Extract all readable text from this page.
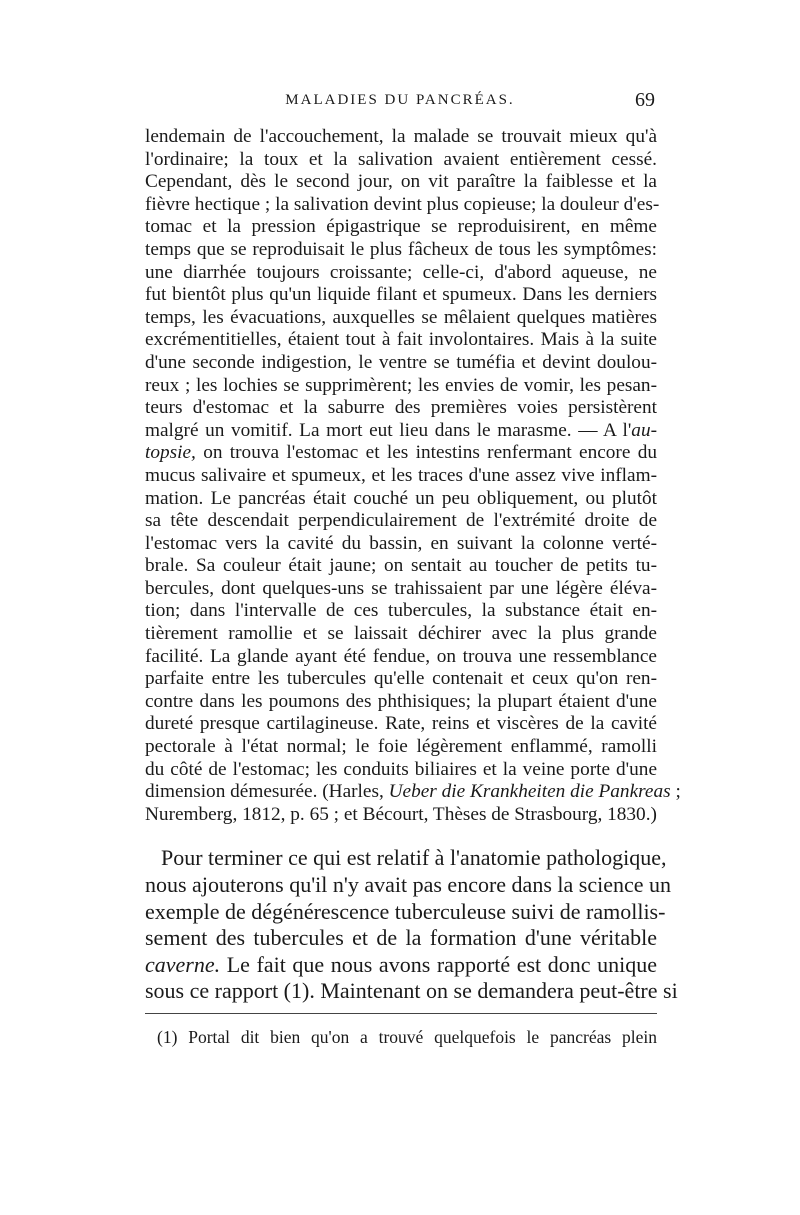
MALADIES DU PANCRÉAS.	69
lendemain de l'accouchement, la malade se trouvait mieux qu'à
l'ordinaire; la toux et la salivation avaient entièrement cessé.
Cependant, dès le second jour, on vit paraître la faiblesse et la
fièvre hectique ; la salivation devint plus copieuse; la douleur d'es-
tomac et la pression épigastrique se reproduisirent, en même
temps que se reproduisait le plus fâcheux de tous les symptômes:
une diarrhée toujours croissante; celle-ci, d'abord aqueuse, ne
fut bientôt plus qu'un liquide filant et spumeux. Dans les derniers
temps, les évacuations, auxquelles se mêlaient quelques matières
excrémentitielles, étaient tout à fait involontaires. Mais à la suite
d'une seconde indigestion, le ventre se tuméfia et devint doulou-
reux ; les lochies se supprimèrent; les envies de vomir, les pesan-
teurs d'estomac et la saburre des premières voies persistèrent
malgré un vomitif. La mort eut lieu dans le marasme. — A l'au-
topsie, on trouva l'estomac et les intestins renfermant encore du
mucus salivaire et spumeux, et les traces d'une assez vive inflam-
mation. Le pancréas était couché un peu obliquement, ou plutôt
sa tête descendait perpendiculairement de l'extrémité droite de
l'estomac vers la cavité du bassin, en suivant la colonne verté-
brale. Sa couleur était jaune; on sentait au toucher de petits tu-
bercules, dont quelques-uns se trahissaient par une légère éléva-
tion; dans l'intervalle de ces tubercules, la substance était en-
tièrement ramollie et se laissait déchirer avec la plus grande
facilité. La glande ayant été fendue, on trouva une ressemblance
parfaite entre les tubercules qu'elle contenait et ceux qu'on ren-
contre dans les poumons des phthisiques; la plupart étaient d'une
dureté presque cartilagineuse. Rate, reins et viscères de la cavité
pectorale à l'état normal; le foie légèrement enflammé, ramolli
du côté de l'estomac; les conduits biliaires et la veine porte d'une
dimension démesurée. (Harles, Ueber die Krankheiten die Pankreas ;
Nuremberg, 1812, p. 65 ; et Bécourt, Thèses de Strasbourg, 1830.)
Pour terminer ce qui est relatif à l'anatomie pathologique,
nous ajouterons qu'il n'y avait pas encore dans la science un
exemple de dégénérescence tuberculeuse suivi de ramollis-
sement des tubercules et de la formation d'une véritable
caverne. Le fait que nous avons rapporté est donc unique
sous ce rapport (1). Maintenant on se demandera peut-être si
(1) Portal dit bien qu'on a trouvé quelquefois le pancréas plein
